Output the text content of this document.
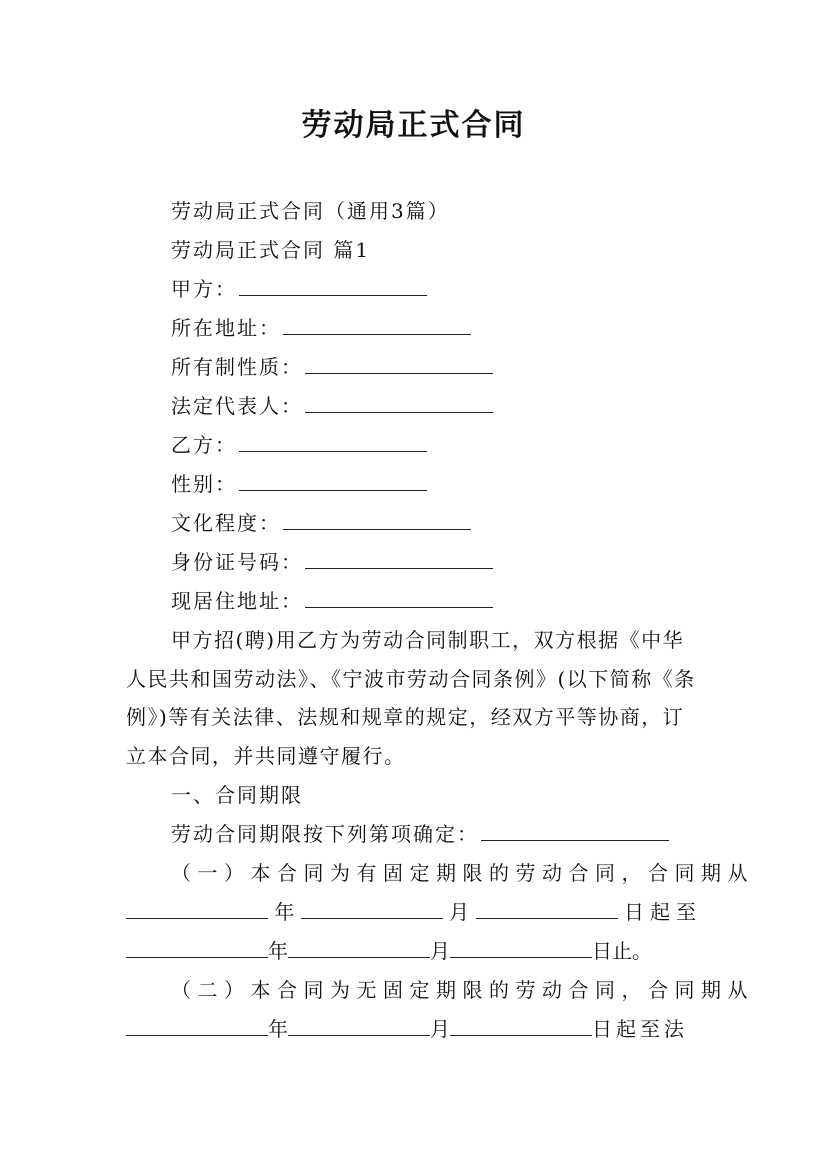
劳动局正式合同
劳动局正式合同（通用3篇）
劳动局正式合同 篇1
甲方：
所在地址：
所有制性质：
法定代表人：
乙方：
性别：
文化程度：
身份证号码：
现居住地址：
甲方招(聘)用乙方为劳动合同制职工，双方根据《中华人民共和国劳动法》、《宁波市劳动合同条例》(以下简称《条例》)等有关法律、法规和规章的规定，经双方平等协商，订立本合同，并共同遵守履行。
一、合同期限
劳动合同期限按下列第项确定：
（一）本合同为有固定期限的劳动合同，合同期从
年	月	日起至
年	月	日止。
（二）本合同为无固定期限的劳动合同，合同期从
年	月	日起至法
